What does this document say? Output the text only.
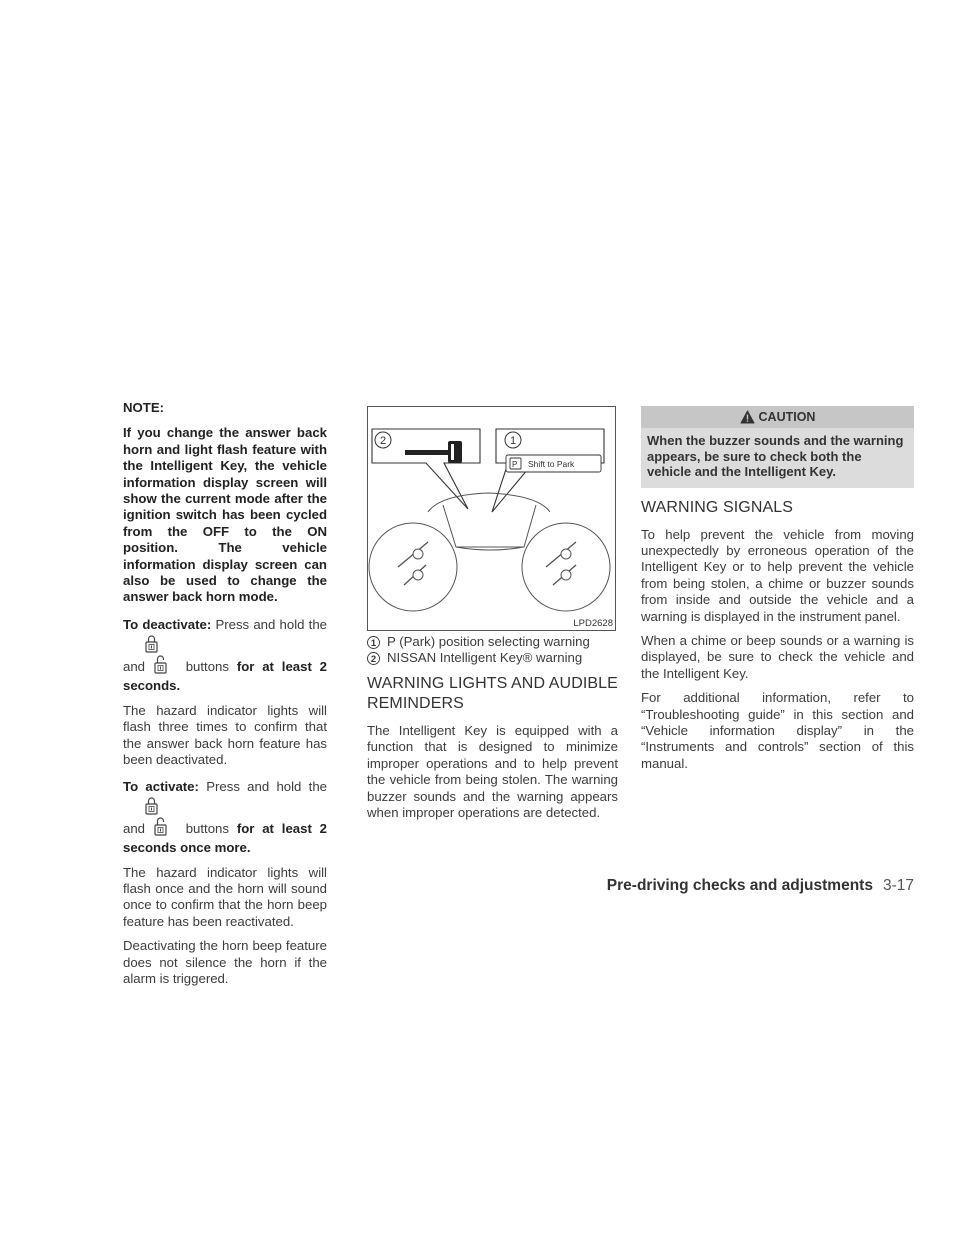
NOTE:

If you change the answer back horn and light flash feature with the Intelligent Key, the vehicle information display screen will show the current mode after the ignition switch has been cycled from the OFF to the ON position. The vehicle information display screen can also be used to change the answer back horn mode.

To deactivate: Press and hold the
and	buttons for at least 2 seconds.

The hazard indicator lights will flash three times to confirm that the answer back horn feature has been deactivated.

To activate: Press and hold the
and	buttons for at least 2 seconds once more.

The hazard indicator lights will flash once and the horn will sound once to confirm that the horn beep feature has been reactivated.

Deactivating the horn beep feature does not silence the horn if the alarm is triggered.

2	1
P Shift to Park
LPD2628
1 P (Park) position selecting warning
2 NISSAN Intelligent Key® warning
WARNING LIGHTS AND AUDIBLE REMINDERS

The Intelligent Key is equipped with a function that is designed to minimize improper operations and to help prevent the vehicle from being stolen. The warning buzzer sounds and the warning appears when improper operations are detected.

CAUTION
When the buzzer sounds and the warning appears, be sure to check both the vehicle and the Intelligent Key.
WARNING SIGNALS

To help prevent the vehicle from moving unexpectedly by erroneous operation of the Intelligent Key or to help prevent the vehicle from being stolen, a chime or buzzer sounds from inside and outside the vehicle and a warning is displayed in the instrument panel.

When a chime or beep sounds or a warning is displayed, be sure to check the vehicle and the Intelligent Key.

For additional information, refer to “Troubleshooting guide” in this section and “Vehicle information display” in the “Instruments and controls” section of this manual.

Pre-driving checks and adjustments 3-17
